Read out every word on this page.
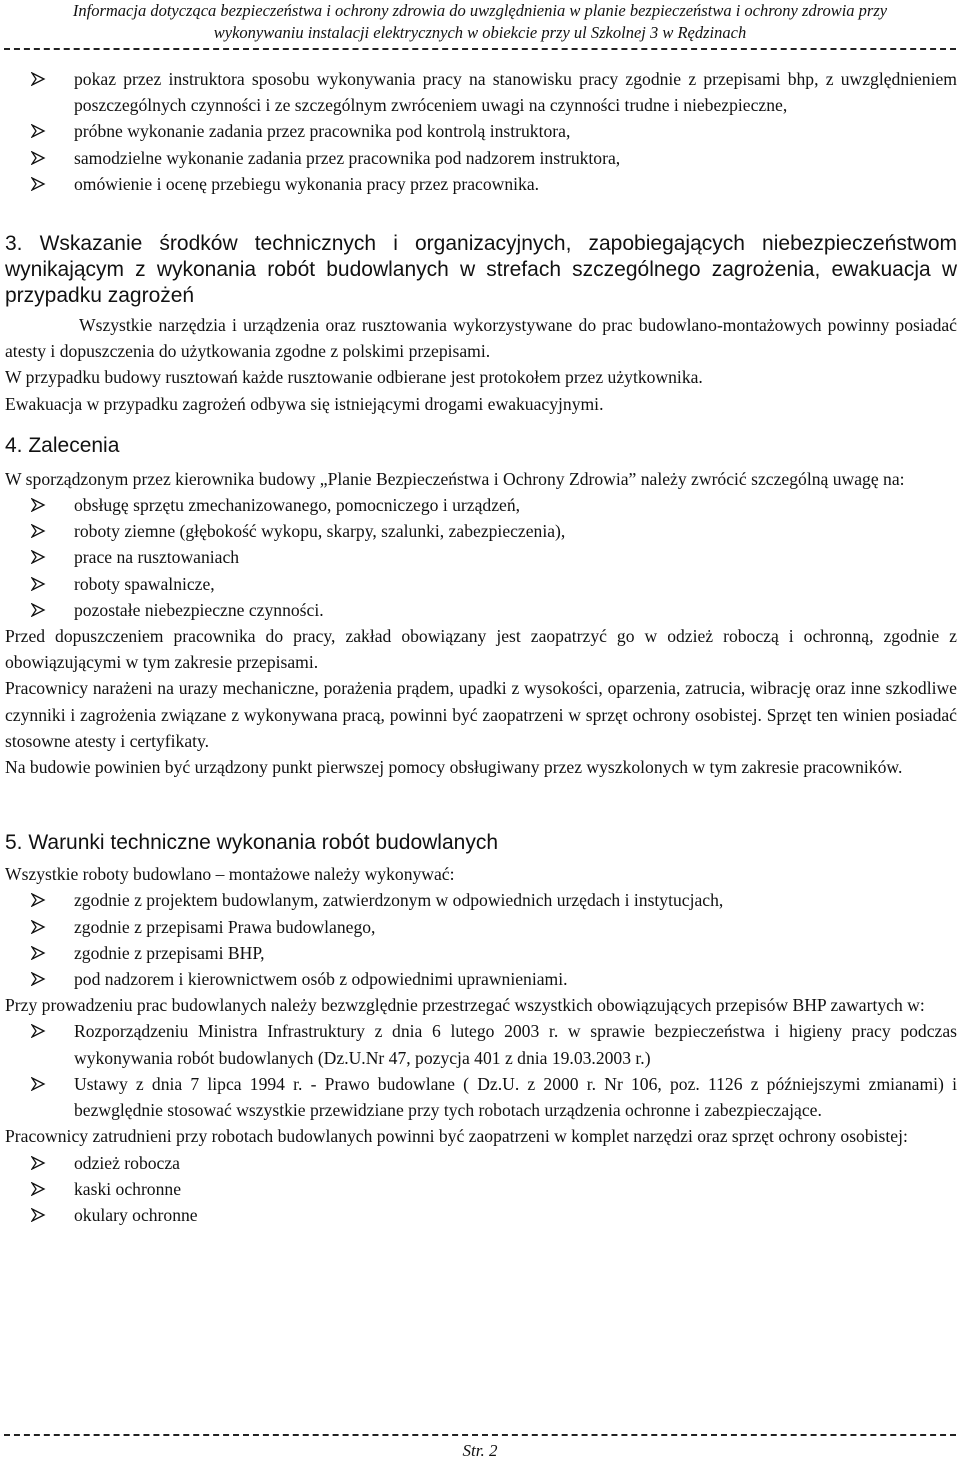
Informacja dotycząca bezpieczeństwa i ochrony zdrowia do uwzględnienia w planie bezpieczeństwa i ochrony zdrowia przy
wykonywaniu instalacji elektrycznych w obiekcie przy ul Szkolnej 3 w Rędzinach
pokaz przez instruktora sposobu wykonywania pracy na stanowisku pracy zgodnie z przepisami bhp, z uwzględnieniem poszczególnych czynności i ze szczególnym zwróceniem uwagi na czynności trudne i niebezpieczne,
próbne wykonanie zadania przez pracownika pod kontrolą instruktora,
samodzielne wykonanie zadania przez pracownika pod nadzorem instruktora,
omówienie i ocenę przebiegu wykonania pracy przez pracownika.
3. Wskazanie środków technicznych i organizacyjnych, zapobiegających niebezpieczeństwom wynikającym z wykonania robót budowlanych w strefach szczególnego zagrożenia, ewakuacja w przypadku zagrożeń

Wszystkie narzędzia i urządzenia oraz rusztowania wykorzystywane do prac budowlano-montażowych powinny posiadać atesty i dopuszczenia do użytkowania zgodne z polskimi przepisami.

W przypadku budowy rusztowań każde rusztowanie odbierane jest protokołem przez użytkownika.

Ewakuacja w przypadku zagrożeń odbywa się istniejącymi drogami ewakuacyjnymi.

4. Zalecenia

W sporządzonym przez kierownika budowy „Planie Bezpieczeństwa i Ochrony Zdrowia” należy zwrócić szczególną uwagę na:

obsługę sprzętu zmechanizowanego, pomocniczego i urządzeń,
roboty ziemne (głębokość wykopu, skarpy, szalunki, zabezpieczenia),
prace na rusztowaniach
roboty spawalnicze,
pozostałe niebezpieczne czynności.

Przed dopuszczeniem pracownika do pracy, zakład obowiązany jest zaopatrzyć go w odzież roboczą i ochronną, zgodnie z obowiązującymi w tym zakresie przepisami.

Pracownicy narażeni na urazy mechaniczne, porażenia prądem, upadki z wysokości, oparzenia, zatrucia, wibrację oraz inne szkodliwe czynniki i zagrożenia związane z wykonywana pracą, powinni być zaopatrzeni w sprzęt ochrony osobistej. Sprzęt ten winien posiadać stosowne atesty i certyfikaty.

Na budowie powinien być urządzony punkt pierwszej pomocy obsługiwany przez wyszkolonych w tym zakresie pracowników.

5. Warunki techniczne wykonania robót budowlanych

Wszystkie roboty budowlano – montażowe należy wykonywać:

zgodnie z projektem budowlanym, zatwierdzonym w odpowiednich urzędach i instytucjach,
zgodnie z przepisami Prawa budowlanego,
zgodnie z przepisami BHP,
pod nadzorem i kierownictwem osób z odpowiednimi uprawnieniami.

Przy prowadzeniu prac budowlanych należy bezwzględnie przestrzegać wszystkich obowiązujących przepisów BHP zawartych w:

Rozporządzeniu Ministra Infrastruktury z dnia 6 lutego 2003 r. w sprawie bezpieczeństwa i higieny pracy podczas wykonywania robót budowlanych (Dz.U.Nr 47, pozycja 401 z dnia 19.03.2003 r.)
Ustawy z dnia 7 lipca 1994 r. - Prawo budowlane ( Dz.U. z 2000 r. Nr 106, poz. 1126 z późniejszymi zmianami) i bezwględnie stosować wszystkie przewidziane przy tych robotach urządzenia ochronne i zabezpieczające.

Pracownicy zatrudnieni przy robotach budowlanych powinni być zaopatrzeni w komplet narzędzi oraz sprzęt ochrony osobistej:

odzież robocza
kaski ochronne
okulary ochronne
Str. 2
